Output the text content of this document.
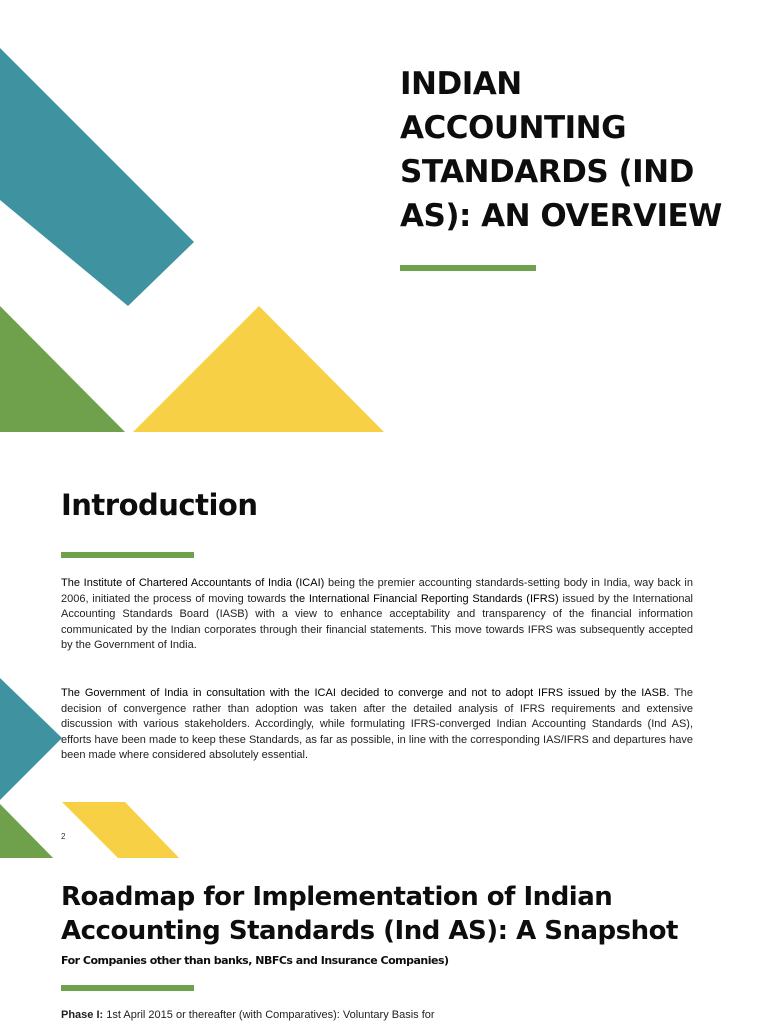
INDIAN ACCOUNTING STANDARDS (IND AS): AN OVERVIEW
Introduction

The Institute of Chartered Accountants of India (ICAI) being the premier accounting standards-setting body in India, way back in 2006, initiated the process of moving towards the International Financial Reporting Standards (IFRS) issued by the International Accounting Standards Board (IASB) with a view to enhance acceptability and transparency of the financial information communicated by the Indian corporates through their financial statements. This move towards IFRS was subsequently accepted by the Government of India.

The Government of India in consultation with the ICAI decided to converge and not to adopt IFRS issued by the IASB. The decision of convergence rather than adoption was taken after the detailed analysis of IFRS requirements and extensive discussion with various stakeholders. Accordingly, while formulating IFRS-converged Indian Accounting Standards (Ind AS), efforts have been made to keep these Standards, as far as possible, in line with the corresponding IAS/IFRS and departures have been made where considered absolutely essential.

2
Roadmap for Implementation of Indian Accounting Standards (Ind AS): A Snapshot

For Companies other than banks, NBFCs and Insurance Companies)

Phase I: 1st April 2015 or thereafter (with Comparatives): Voluntary Basis for
